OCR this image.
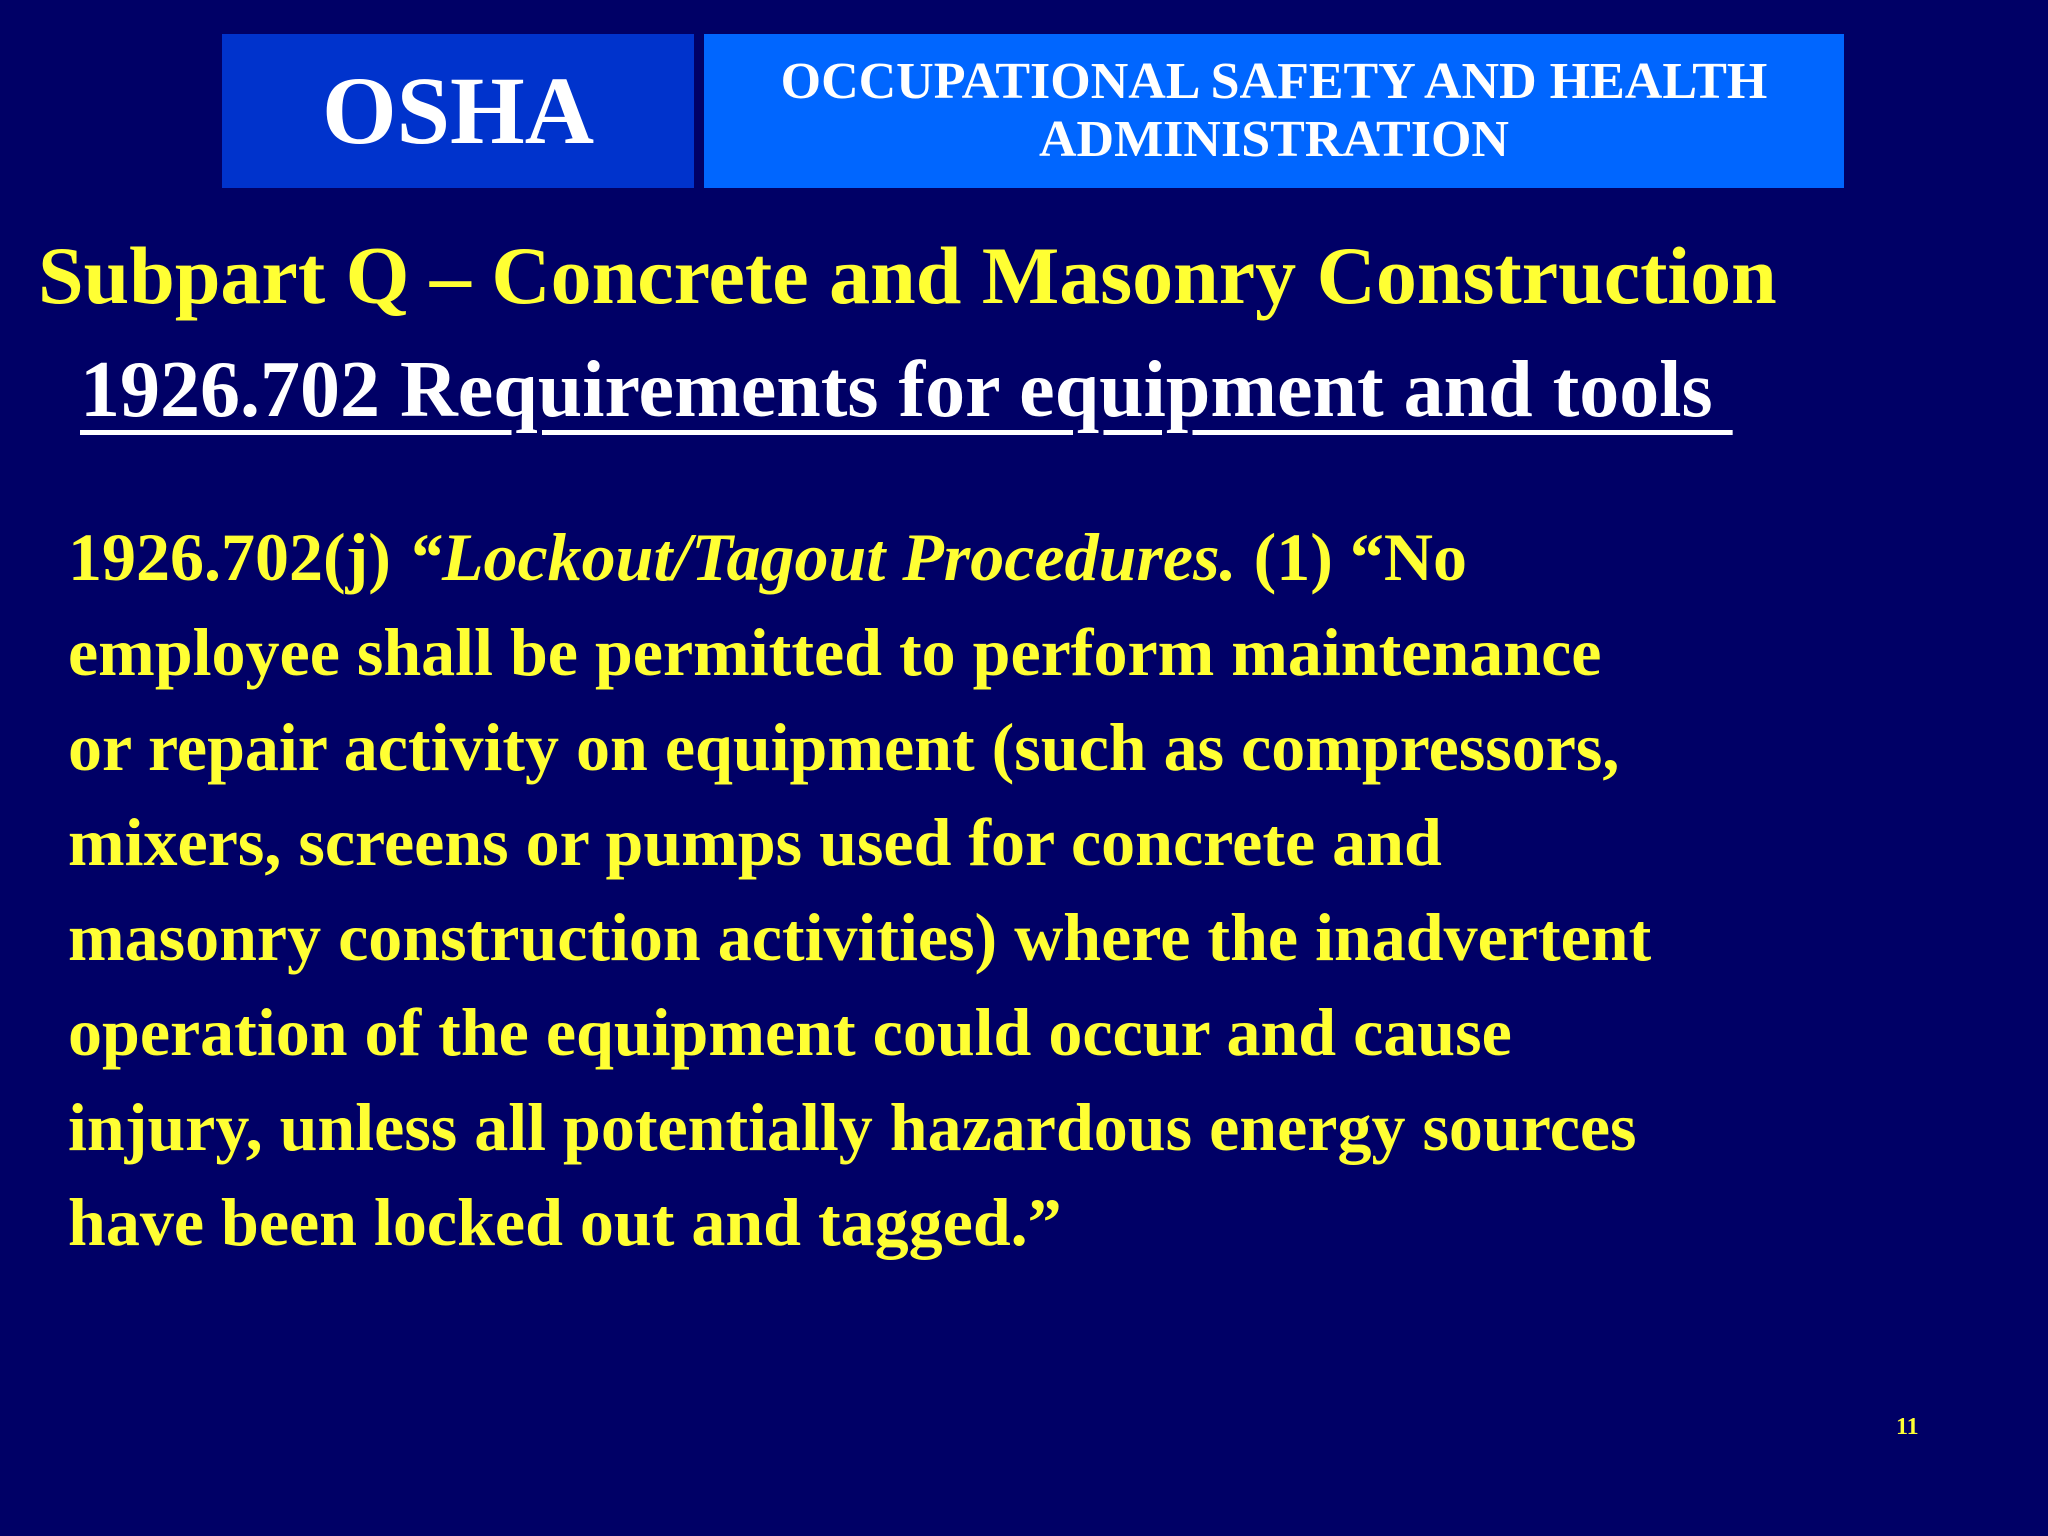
OSHA	OCCUPATIONAL SAFETY AND HEALTH
ADMINISTRATION
Subpart Q – Concrete and Masonry Construction
1926.702 Requirements for equipment and tools
1926.702(j) “Lockout/Tagout Procedures. (1) “No
employee shall be permitted to perform maintenance
or repair activity on equipment (such as compressors,
mixers, screens or pumps used for concrete and
masonry construction activities) where the inadvertent
operation of the equipment could occur and cause
injury, unless all potentially hazardous energy sources
have been locked out and tagged.”
11
